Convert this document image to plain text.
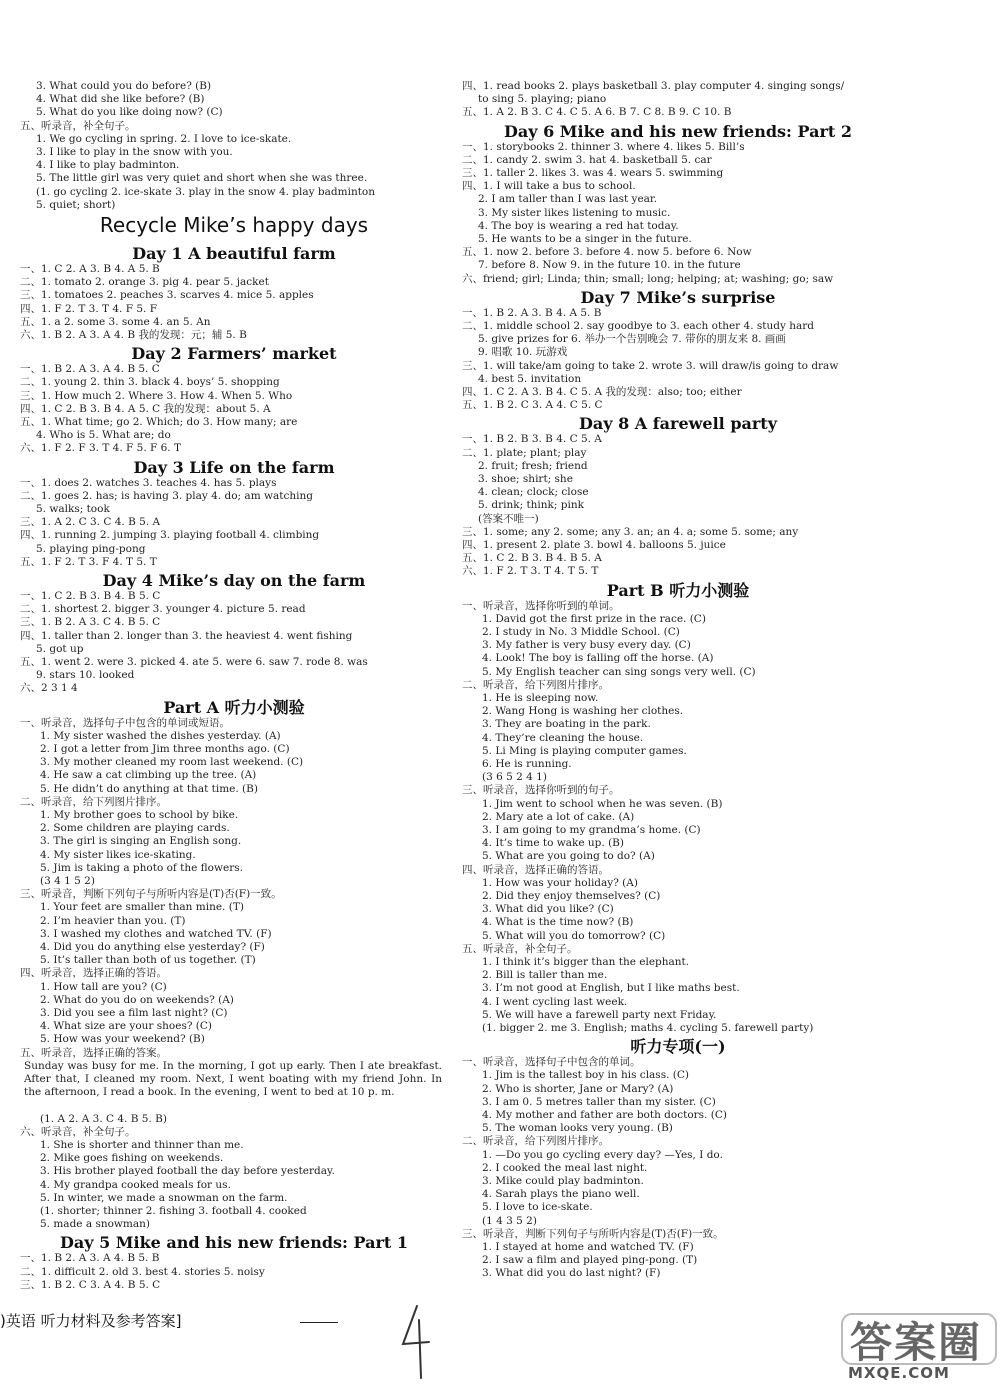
3. What could you do before? (B)
4. What did she like before? (B)
5. What do you like doing now? (C)
五、听录音，补全句子。
1. We go cycling in spring. 2. I love to ice-skate.
3. I like to play in the snow with you.
4. I like to play badminton.
5. The little girl was very quiet and short when she was three.
(1. go cycling 2. ice-skate 3. play in the snow 4. play badminton
5. quiet; short)
Recycle Mike’s happy days
Day 1 A beautiful farm
一、1. C 2. A 3. B 4. A 5. B
二、1. tomato 2. orange 3. pig 4. pear 5. jacket
三、1. tomatoes 2. peaches 3. scarves 4. mice 5. apples
四、1. F 2. T 3. T 4. F 5. F
五、1. a 2. some 3. some 4. an 5. An
六、1. B 2. A 3. A 4. B 我的发现：元；辅 5. B
Day 2 Farmers’ market
一、1. B 2. A 3. A 4. B 5. C
二、1. young 2. thin 3. black 4. boys’ 5. shopping
三、1. How much 2. Where 3. How 4. When 5. Who
四、1. C 2. B 3. B 4. A 5. C 我的发现：about 5. A
五、1. What time; go 2. Which; do 3. How many; are
4. Who is 5. What are; do
六、1. F 2. F 3. T 4. F 5. F 6. T
Day 3 Life on the farm
一、1. does 2. watches 3. teaches 4. has 5. plays
二、1. goes 2. has; is having 3. play 4. do; am watching
5. walks; took
三、1. A 2. C 3. C 4. B 5. A
四、1. running 2. jumping 3. playing football 4. climbing
5. playing ping-pong
五、1. F 2. T 3. F 4. T 5. T
Day 4 Mike’s day on the farm
一、1. C 2. B 3. B 4. B 5. C
二、1. shortest 2. bigger 3. younger 4. picture 5. read
三、1. B 2. A 3. C 4. B 5. C
四、1. taller than 2. longer than 3. the heaviest 4. went fishing
5. got up
五、1. went 2. were 3. picked 4. ate 5. were 6. saw 7. rode 8. was
9. stars 10. looked
六、2 3 1 4
Part A 听力小测验
一、听录音，选择句子中包含的单词或短语。
1. My sister washed the dishes yesterday. (A)
2. I got a letter from Jim three months ago. (C)
3. My mother cleaned my room last weekend. (C)
4. He saw a cat climbing up the tree. (A)
5. He didn’t do anything at that time. (B)
二、听录音，给下列图片排序。
1. My brother goes to school by bike.
2. Some children are playing cards.
3. The girl is singing an English song.
4. My sister likes ice-skating.
5. Jim is taking a photo of the flowers.
(3 4 1 5 2)
三、听录音，判断下列句子与所听内容是(T)否(F)一致。
1. Your feet are smaller than mine. (T)
2. I’m heavier than you. (T)
3. I washed my clothes and watched TV. (F)
4. Did you do anything else yesterday? (F)
5. It’s taller than both of us together. (T)
四、听录音，选择正确的答语。
1. How tall are you? (C)
2. What do you do on weekends? (A)
3. Did you see a film last night? (C)
4. What size are your shoes? (C)
5. How was your weekend? (B)
五、听录音，选择正确的答案。
Sunday was busy for me. In the morning, I got up early. Then I ate breakfast. After that, I cleaned my room. Next, I went boating with my friend John. In the afternoon, I read a book. In the evening, I went to bed at 10 p. m.
(1. A 2. A 3. C 4. B 5. B)
六、听录音，补全句子。
1. She is shorter and thinner than me.
2. Mike goes fishing on weekends.
3. His brother played football the day before yesterday.
4. My grandpa cooked meals for us.
5. In winter, we made a snowman on the farm.
(1. shorter; thinner 2. fishing 3. football 4. cooked
5. made a snowman)
Day 5 Mike and his new friends: Part 1
一、1. B 2. A 3. A 4. B 5. B
二、1. difficult 2. old 3. best 4. stories 5. noisy
三、1. B 2. C 3. A 4. B 5. C
四、1. read books 2. plays basketball 3. play computer 4. singing songs/
to sing 5. playing; piano
五、1. A 2. B 3. C 4. C 5. A 6. B 7. C 8. B 9. C 10. B
Day 6 Mike and his new friends: Part 2
一、1. storybooks 2. thinner 3. where 4. likes 5. Bill’s
二、1. candy 2. swim 3. hat 4. basketball 5. car
三、1. taller 2. likes 3. was 4. wears 5. swimming
四、1. I will take a bus to school.
2. I am taller than I was last year.
3. My sister likes listening to music.
4. The boy is wearing a red hat today.
5. He wants to be a singer in the future.
五、1. now 2. before 3. before 4. now 5. before 6. Now
7. before 8. Now 9. in the future 10. in the future
六、friend; girl; Linda; thin; small; long; helping; at; washing; go; saw
Day 7 Mike’s surprise
一、1. B 2. A 3. B 4. A 5. B
二、1. middle school 2. say goodbye to 3. each other 4. study hard
5. give prizes for 6. 举办一个告别晚会 7. 带你的朋友来 8. 画画
9. 唱歌 10. 玩游戏
三、1. will take/am going to take 2. wrote 3. will draw/is going to draw
4. best 5. invitation
四、1. C 2. A 3. B 4. C 5. A 我的发现：also; too; either
五、1. B 2. C 3. A 4. C 5. C
Day 8 A farewell party
一、1. B 2. B 3. B 4. C 5. A
二、1. plate; plant; play
2. fruit; fresh; friend
3. shoe; shirt; she
4. clean; clock; close
5. drink; think; pink
(答案不唯一)
三、1. some; any 2. some; any 3. an; an 4. a; some 5. some; any
四、1. present 2. plate 3. bowl 4. balloons 5. juice
五、1. C 2. B 3. B 4. B 5. A
六、1. F 2. T 3. T 4. T 5. T
Part B 听力小测验
一、听录音，选择你听到的单词。
1. David got the first prize in the race. (C)
2. I study in No. 3 Middle School. (C)
3. My father is very busy every day. (C)
4. Look! The boy is falling off the horse. (A)
5. My English teacher can sing songs very well. (C)
二、听录音，给下列图片排序。
1. He is sleeping now.
2. Wang Hong is washing her clothes.
3. They are boating in the park.
4. They’re cleaning the house.
5. Li Ming is playing computer games.
6. He is running.
(3 6 5 2 4 1)
三、听录音，选择你听到的句子。
1. Jim went to school when he was seven. (B)
2. Mary ate a lot of cake. (A)
3. I am going to my grandma’s home. (C)
4. It’s time to wake up. (B)
5. What are you going to do? (A)
四、听录音，选择正确的答语。
1. How was your holiday? (A)
2. Did they enjoy themselves? (C)
3. What did you like? (C)
4. What is the time now? (B)
5. What will you do tomorrow? (C)
五、听录音，补全句子。
1. I think it’s bigger than the elephant.
2. Bill is taller than me.
3. I’m not good at English, but I like maths best.
4. I went cycling last week.
5. We will have a farewell party next Friday.
(1. bigger 2. me 3. English; maths 4. cycling 5. farewell party)
听力专项(一)
一、听录音，选择句子中包含的单词。
1. Jim is the tallest boy in his class. (C)
2. Who is shorter, Jane or Mary? (A)
3. I am 0. 5 metres taller than my sister. (C)
4. My mother and father are both doctors. (C)
5. The woman looks very young. (B)
二、听录音，给下列图片排序。
1. —Do you go cycling every day? —Yes, I do.
2. I cooked the meal last night.
3. Mike could play badminton.
4. Sarah plays the piano well.
5. I love to ice-skate.
(1 4 3 5 2)
三、听录音，判断下列句子与所听内容是(T)否(F)一致。
1. I stayed at home and watched TV. (F)
2. I saw a film and played ping-pong. (T)
3. What did you do last night? (F)
)英语 听力材料及参考答案]	答案圈
MXQE.COM
